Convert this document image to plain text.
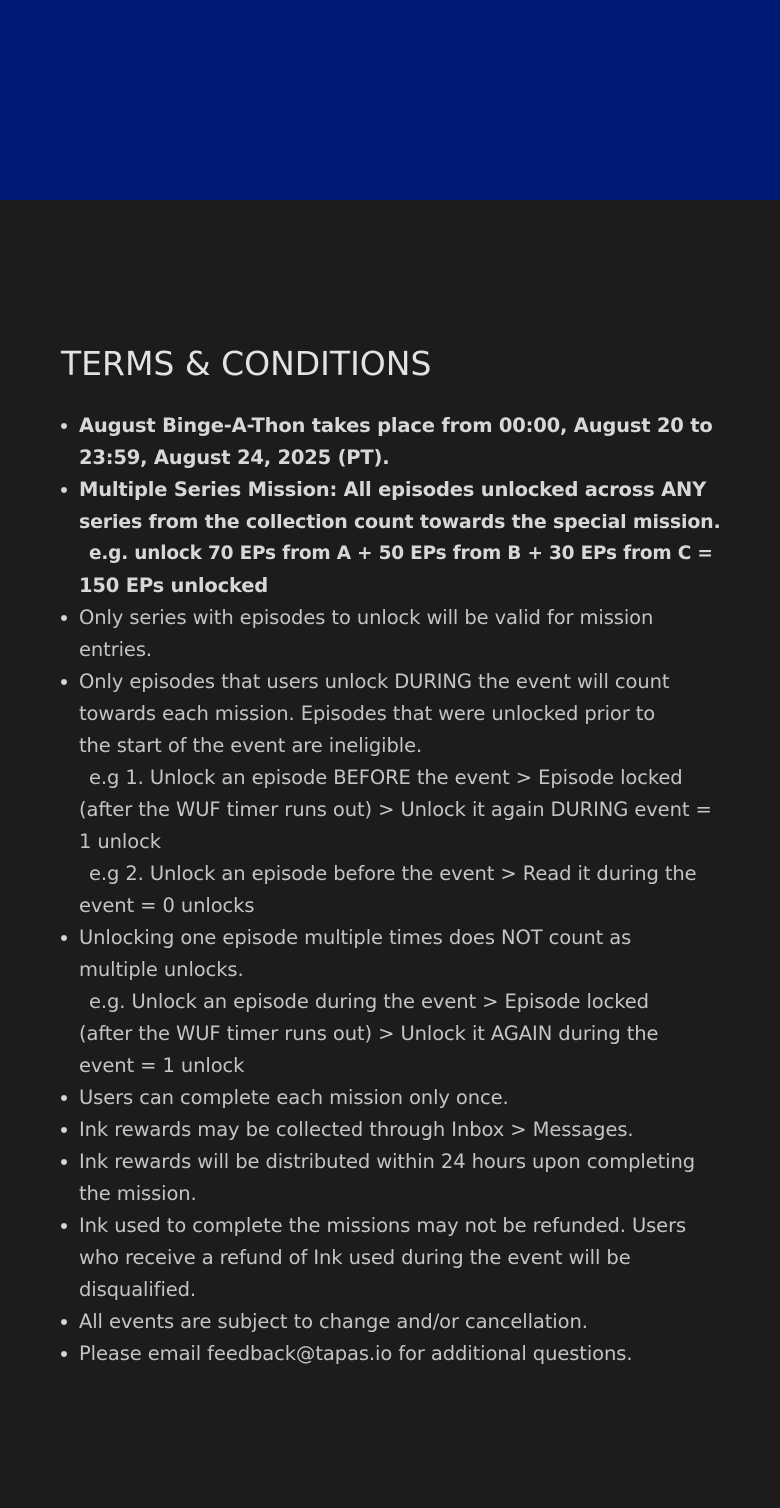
TERMS & CONDITIONS
August Binge-A-Thon takes place from 00:00, August 20 to
23:59, August 24, 2025 (PT).
Multiple Series Mission: All episodes unlocked across ANY
series from the collection count towards the special mission.
e.g. unlock 70 EPs from A + 50 EPs from B + 30 EPs from C =
150 EPs unlocked
Only series with episodes to unlock will be valid for mission
entries.
Only episodes that users unlock DURING the event will count
towards each mission. Episodes that were unlocked prior to
the start of the event are ineligible.
e.g 1. Unlock an episode BEFORE the event > Episode locked
(after the WUF timer runs out) > Unlock it again DURING event =
1 unlock
e.g 2. Unlock an episode before the event > Read it during the
event = 0 unlocks
Unlocking one episode multiple times does NOT count as
multiple unlocks.
e.g. Unlock an episode during the event > Episode locked
(after the WUF timer runs out) > Unlock it AGAIN during the
event = 1 unlock
Users can complete each mission only once.
Ink rewards may be collected through Inbox > Messages.
Ink rewards will be distributed within 24 hours upon completing
the mission.
Ink used to complete the missions may not be refunded. Users
who receive a refund of Ink used during the event will be
disqualified.
All events are subject to change and/or cancellation.
Please email feedback@tapas.io for additional questions.
